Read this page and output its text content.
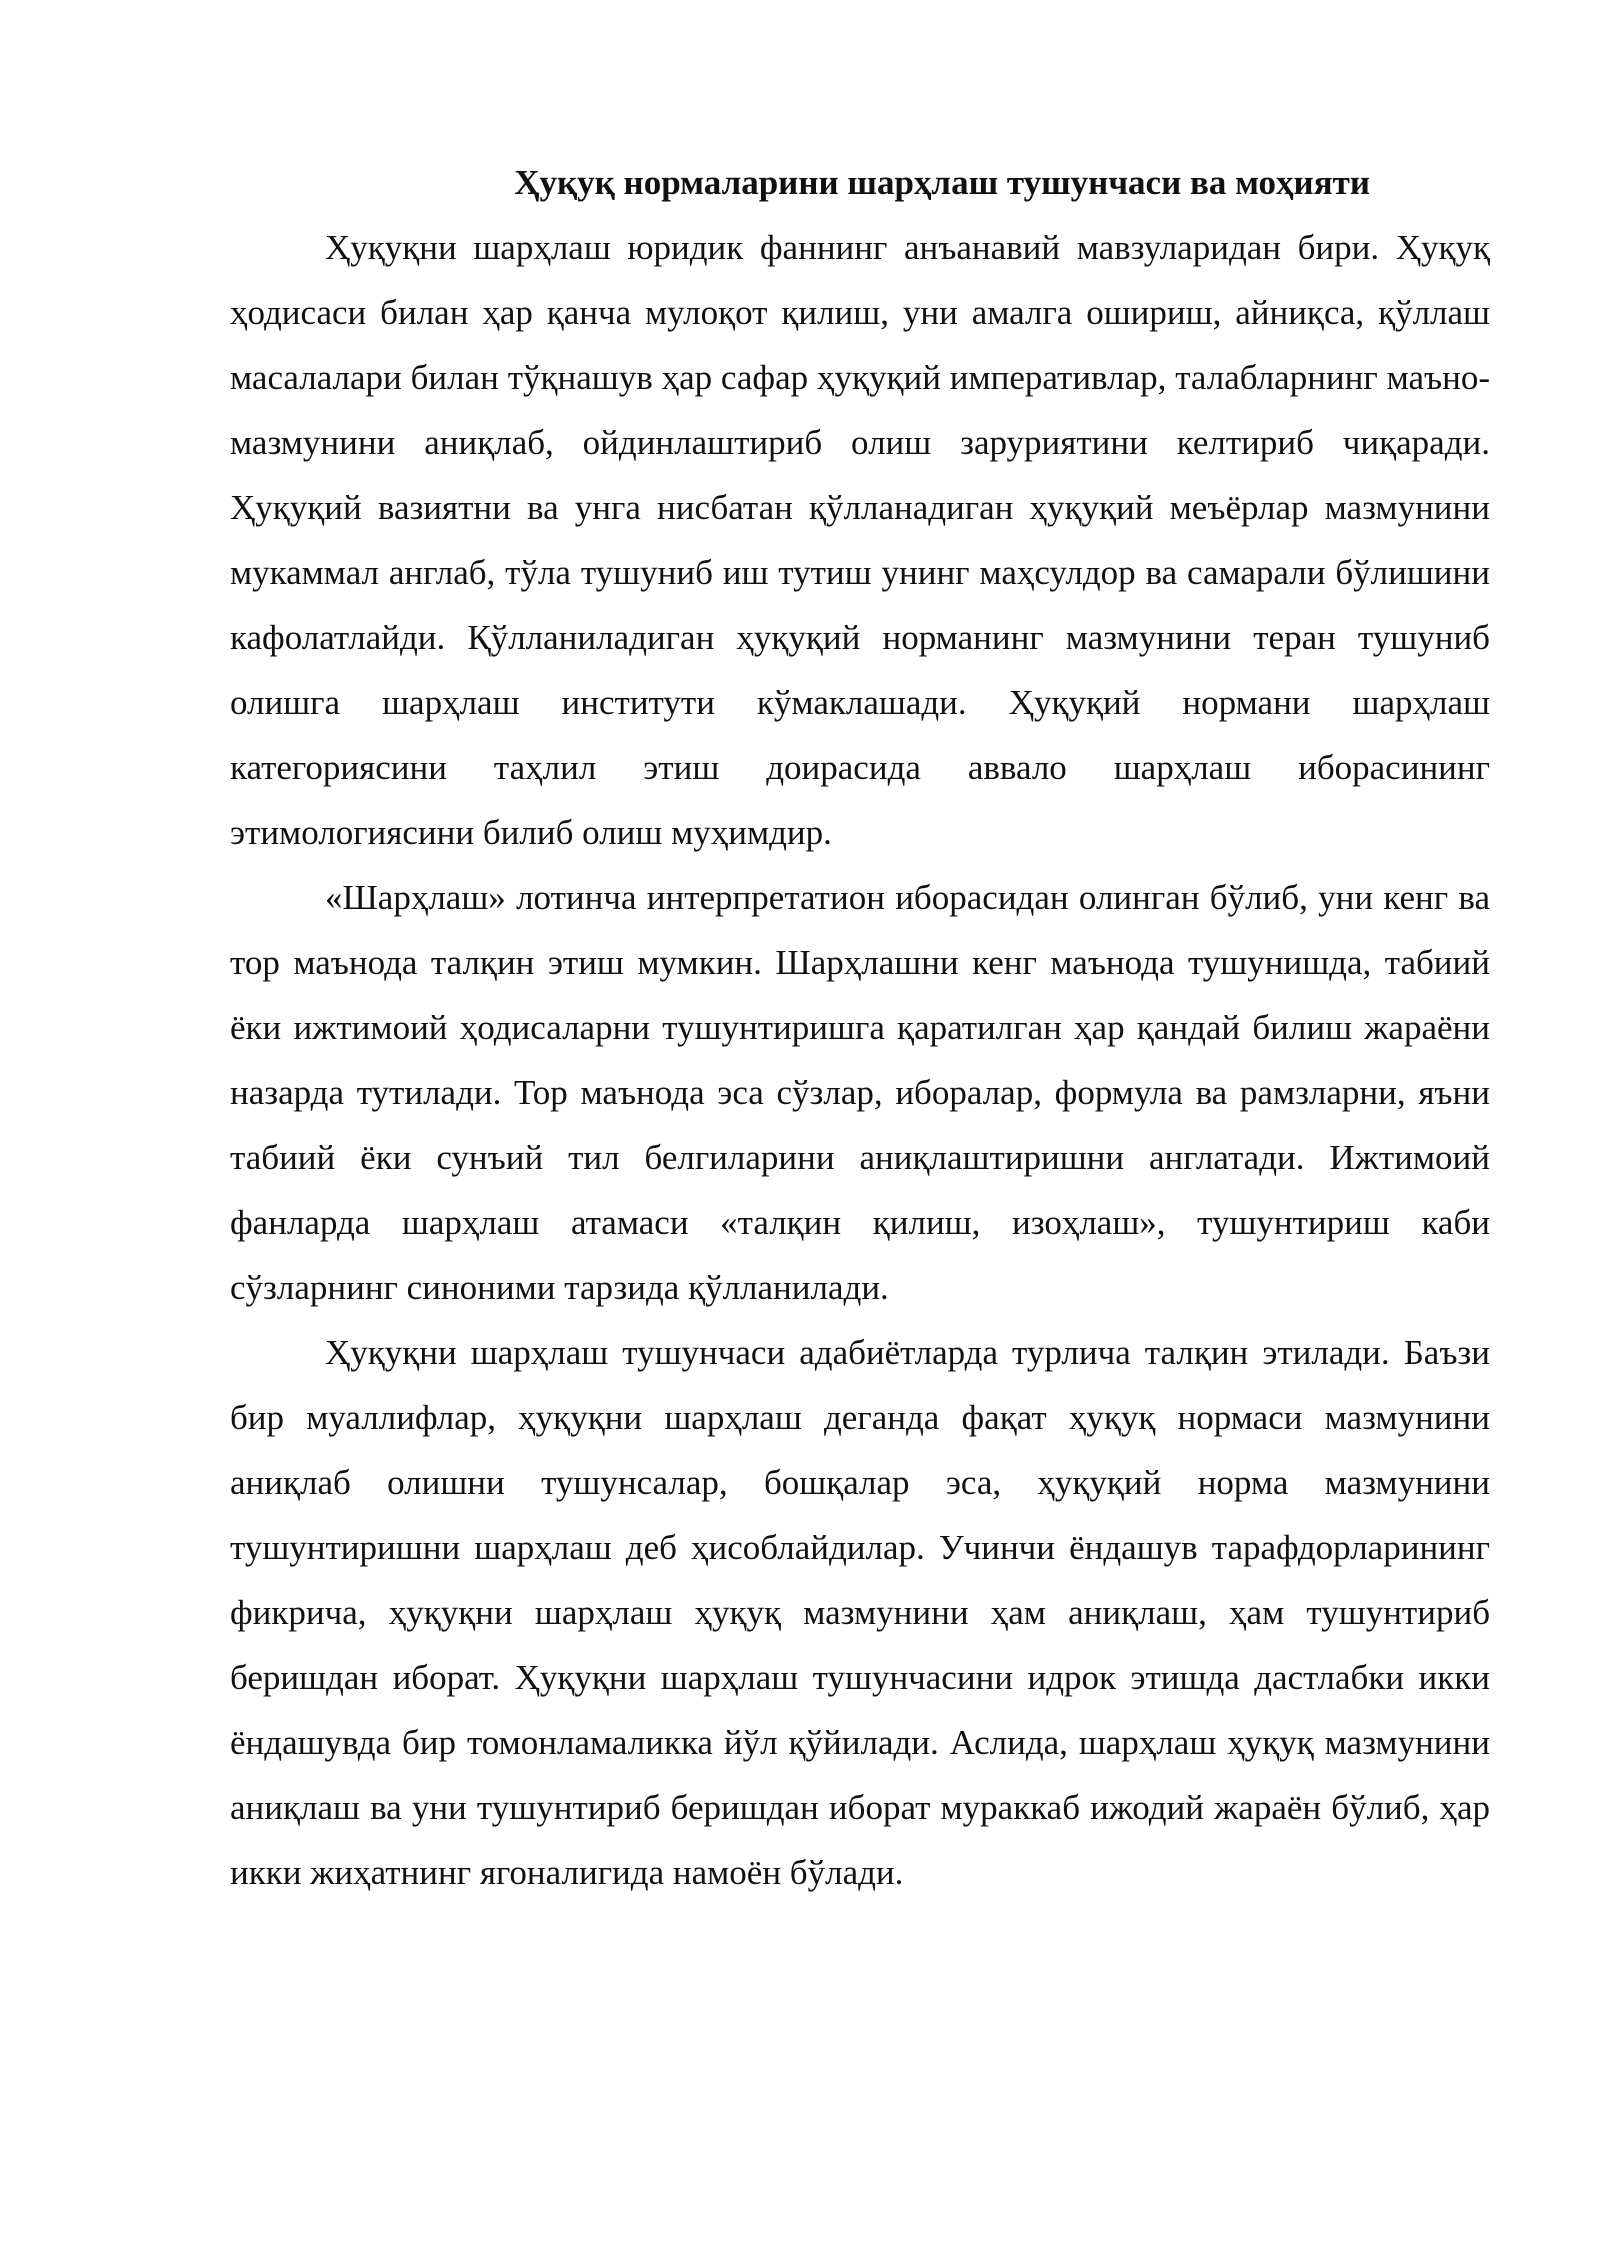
Ҳуқуқ нормаларини шарҳлаш тушунчаси ва моҳияти

Ҳуқуқни шарҳлаш юридик фаннинг анъанавий мавзуларидан бири. Ҳуқуқ ҳодисаси билан ҳар қанча мулоқот қилиш, уни амалга ошириш, айниқса, қўллаш масалалари билан тўқнашув ҳар сафар ҳуқуқий императивлар, талабларнинг маъно-мазмунини аниқлаб, ойдинлаштириб олиш заруриятини келтириб чиқаради. Ҳуқуқий вазиятни ва унга нисбатан қўлланадиган ҳуқуқий меъёрлар мазмунини мукаммал англаб, тўла тушуниб иш тутиш унинг маҳсулдор ва самарали бўлишини кафолатлайди. Қўлланиладиган ҳуқуқий норманинг мазмунини теран тушуниб олишга шарҳлаш институти кўмаклашади. Ҳуқуқий нормани шарҳлаш категориясини таҳлил этиш доирасида аввало шарҳлаш иборасининг этимологиясини билиб олиш муҳимдир.

«Шарҳлаш» лотинча интерпретатион иборасидан олинган бўлиб, уни кенг ва тор маънода талқин этиш мумкин. Шарҳлашни кенг маънода тушунишда, табиий ёки ижтимоий ҳодисаларни тушунтиришга қаратилган ҳар қандай билиш жараёни назарда тутилади. Тор маънода эса сўзлар, иборалар, формула ва рамзларни, яъни табиий ёки сунъий тил белгиларини аниқлаштиришни англатади. Ижтимоий фанларда шарҳлаш атамаси «талқин қилиш, изоҳлаш», тушунтириш каби сўзларнинг синоними тарзида қўлланилади.

Ҳуқуқни шарҳлаш тушунчаси адабиётларда турлича талқин этилади. Баъзи бир муаллифлар, ҳуқуқни шарҳлаш деганда фақат ҳуқуқ нормаси мазмунини аниқлаб олишни тушунсалар, бошқалар эса, ҳуқуқий норма мазмунини тушунтиришни шарҳлаш деб ҳисоблайдилар. Учинчи ёндашув тарафдорларининг фикрича, ҳуқуқни шарҳлаш ҳуқуқ мазмунини ҳам аниқлаш, ҳам тушунтириб беришдан иборат. Ҳуқуқни шарҳлаш тушунчасини идрок этишда дастлабки икки ёндашувда бир томонламаликка йўл қўйилади. Аслида, шарҳлаш ҳуқуқ мазмунини аниқлаш ва уни тушунтириб беришдан иборат мураккаб ижодий жараён бўлиб, ҳар икки жиҳатнинг ягоналигида намоён бўлади.
